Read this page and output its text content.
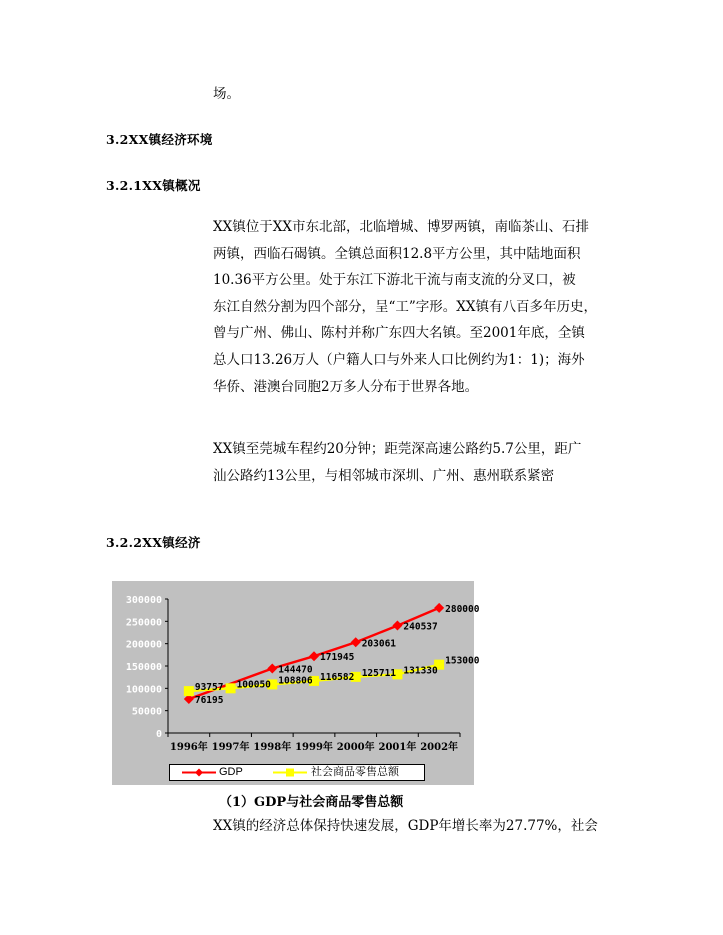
场。
3.2XX镇经济环境
3.2.1XX镇概况
XX镇位于XX市东北部，北临增城、博罗两镇，南临茶山、石排
两镇，西临石碣镇。全镇总面积12.8平方公里，其中陆地面积
10.36平方公里。处于东江下游北干流与南支流的分叉口，被
东江自然分割为四个部分，呈“工”字形。XX镇有八百多年历史，
曾与广州、佛山、陈村并称广东四大名镇。至2001年底，全镇
总人口13.26万人（户籍人口与外来人口比例约为1：1)；海外
华侨、港澳台同胞2万多人分布于世界各地。
XX镇至莞城车程约20分钟；距莞深高速公路约5.7公里，距广
汕公路约13公里，与相邻城市深圳、广州、惠州联系紧密
3.2.2XX镇经济
0
50000
100000
150000
200000
250000
300000
1996年 1997年 1998年 1999年 2000年 2001年 2002年
76195
144470
171945
203061
240537
280000
93757 100050 108806 116582 125711 131330
153000
GDP	社会商品零售总额
（1）GDP与社会商品零售总额
XX镇的经济总体保持快速发展，GDP年增长率为27.77%，社会
